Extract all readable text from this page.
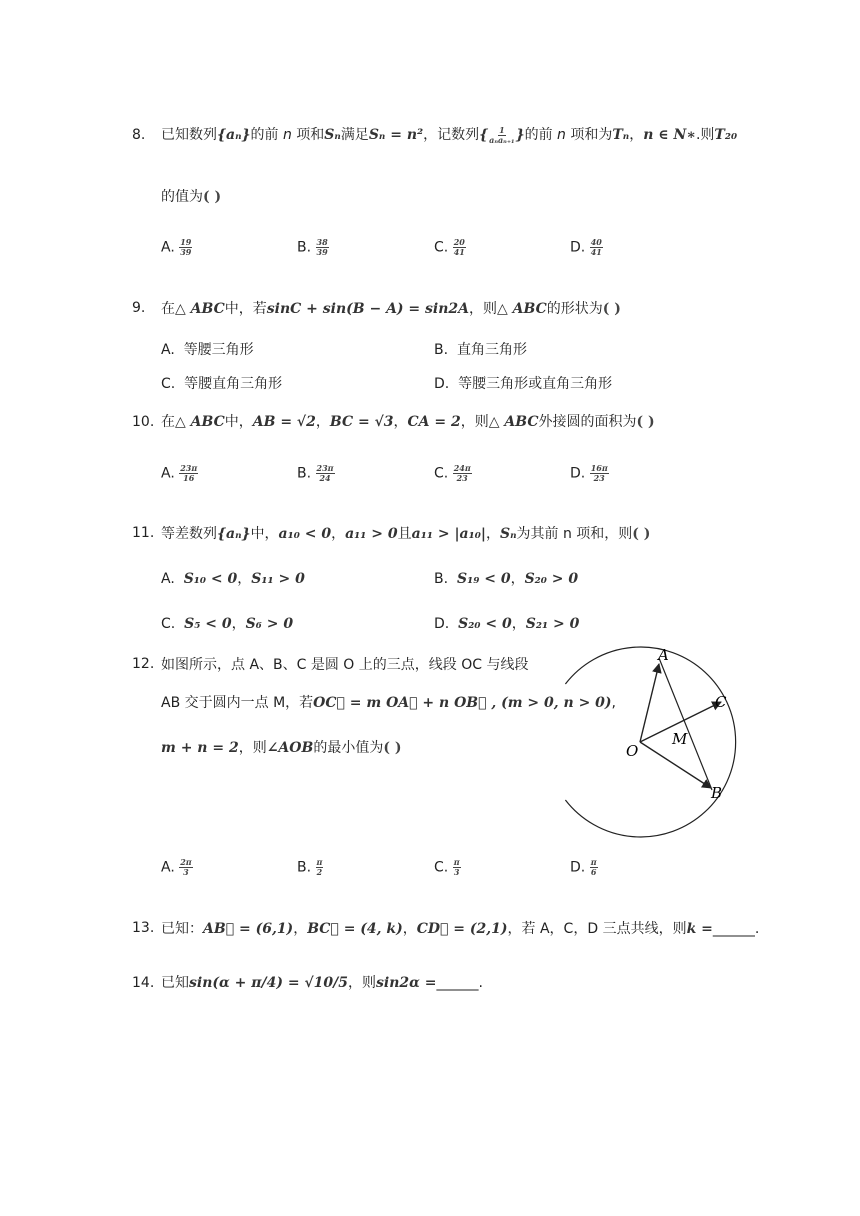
8.	已知数列{aₙ}的前 n 项和Sₙ满足Sₙ = n²，记数列{ $\frac{1}{\text{aₙaₙ₊₁}}$ }的前 n 项和为Tₙ，n ∈ N∗.则T₂₀
的值为( )
A. $\frac{19}{39}$	B. $\frac{38}{39}$	C. $\frac{20}{41}$	D. $\frac{40}{41}$
9.	在△ ABC中，若sinC + sin(B − A) = sin2A，则△ ABC的形状为( )
A. 等腰三角形	B. 直角三角形
C. 等腰直角三角形	D. 等腰三角形或直角三角形
10. 在△ ABC中，AB = √2，BC = √3，CA = 2，则△ ABC外接圆的面积为( )
A. $\frac{23\pi}{16}$	B. $\frac{23\pi}{24}$	C. $\frac{24\pi}{23}$	D. $\frac{16\pi}{23}$
11. 等差数列{aₙ}中，a₁₀ < 0，a₁₁ > 0且a₁₁ > |a₁₀|，Sₙ为其前 n 项和，则( )
A. S₁₀ < 0，S₁₁ > 0	B. S₁₉ < 0，S₂₀ > 0
C. S₅ < 0，S₆ > 0	D. S₂₀ < 0，S₂₁ > 0
12. 如图所示，点 A、B、C 是圆 O 上的三点，线段 OC 与线段
AB 交于圆内一点 M，若OC⃗ = m OA⃗ + n OB⃗ , (m > 0, n > 0),
m + n = 2，则∠AOB的最小值为( )
A
C
O
M
B
A. $\frac{2\pi}{3}$	B. $\frac{\pi}{2}$	C. $\frac{\pi}{3}$	D. $\frac{\pi}{6}$
13. 已知：AB⃗ = (6,1)，BC⃗ = (4, k)，CD⃗ = (2,1)，若 A，C，D 三点共线，则k =______.
14. 已知sin(α + π/4) = √10/5，则sin2α =______.
